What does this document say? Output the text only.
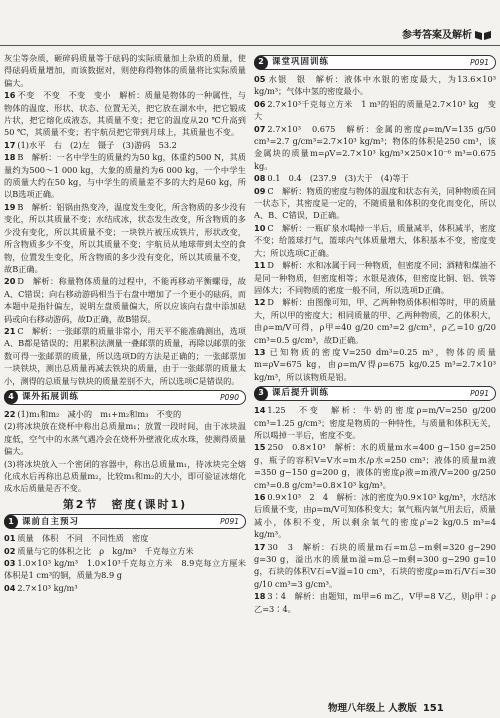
参考答案及解析
灰尘等杂质，砸碎码质量等于砝码的实际质量加上杂质的质量，使得砝码质量增加，而该数据对，则使称得物体的质量将比实际质量偏大。
16 不变　不变　不变　变小　解析：质量是物体的一种属性，与物体的温度、形状、状态、位置无关，把它放在湖水中，把它锻成片状，把它熔化成液态，其质量不变；把它的温度从20 ℃升高到50 ℃，其质量不变；若宇航员把它带到月球上，其质量也不变。
17 (1)水平　右　(2)左　镊子　(3)游码　53.2
18 B　解析：一名中学生的质量约为50 kg，体重约500 N，其质量约为500～1 000 kg，大象的质量约为6 000 kg，一个中学生的质量大约在50 kg，与中学生的质量差不多的大约是60 kg，所以B选项正确。
19 B　解析：铝锅由热变冷，温度发生变化，所含物质的多少没有变化，所以其质量不变；水结成冰，状态发生改变，所含物质的多少没有变化，所以其质量不变；一块铁片被压成铁片，形状改变，所含物质多少不变，所以其质量不变；宇航员从地球带到太空的食物，位置发生变化，所含物质的多少没有变化，所以其质量不变，故B正确。
20 D　解析：称量物体质量的过程中，不能再移动平衡螺母，故A、C错误；向右移动游码相当于右盘中增加了一个更小的砝码，而本题中是指针偏左，说明左盘质量偏大，所以应该向右盘中添加砝码或向右移动游码，故D正确，故B错误。
21 C　解析：一张邮票的质量非常小，用天平不能准确测出，选项A、B都是错误的；用累积法测量一叠邮票的质量，再除以邮票的张数可得一张邮票的质量，所以选项D的方法是正确的；一张邮票加一块铁块，测出总质量再减去铁块的质量，由于一张邮票的质量太小，测得的总质量与铁块的质量差别不大，所以选项C是错误的。
4 课外拓展训练	P090
22 (1)m₁和m₂　减小的　m₁+m₂和m₃　不变的
(2)将冰块放在烧杯中称出总质量m₁；放置一段时间，由于冰块温度低，空气中的水蒸气遇冷会在烧杯外壁液化成水珠，使测得质量偏大。
(3)将冰块放入一个密闭的容器中，称出总质量m₁，待冰块完全熔化成水后再称出总质量m₂，比较m₁和m₂的大小，即可验证冰熔化成水后质量是否不变。
第2节　密度(课时1)
1 课前自主预习	P091
01 质量　体积　不同　不同性质　密度
02 质量与它的体积之比　ρ　kg/m³　千克每立方米
03 1.0×10³ kg/m³　1.0×10³千克每立方米　8.9克每立方厘米　体积是1 cm³的铜，质量为8.9 g
04 2.7×10³ kg/m³
2 课堂巩固训练	P091
05 水银　银　解析：液体中水银的密度最大，为13.6×10³ kg/m³；气体中氢的密度最小。
06 2.7×10³千克每立方米　1 m³的铝的质量是2.7×10³ kg　变大
07 2.7×10³　0.675　解析：金属的密度ρ=m/V=135 g/50 cm³=2.7 g/cm³=2.7×10³ kg/m³；物体的体积是250 cm³，该金属块的质量m=ρV=2.7×10³ kg/m³×250×10⁻⁶ m³=0.675 kg。
08 0.1　0.4　(237.9　(3)大于　(4)等于
09 C　解析：物质的密度与物体的温度和状态有关，同种物质在同一状态下，其密度是一定的，不随质量和体积的变化而变化，所以A、B、C错误，D正确。
10 C　解析：一瓶矿泉水喝掉一半后，质量减半，体积减半，密度不变；给篮球打气，篮球内气体质量增大，体积基本不变，密度变大；所以选项C正确。
11 D　解析：水和冰属于同一种物质，但密度不同；酒精和煤油不是同一种物质，但密度相等；水银是液体，但密度比铜、铝、铁等固体大；不同物质的密度一般不同，所以选项D正确。
12 D　解析：由图像可知，甲、乙两种物质体积相等时，甲的质量大，所以甲的密度大；相同质量的甲、乙两种物质，乙的体积大，由ρ=m/V可得，ρ甲=40 g/20 cm³=2 g/cm³，ρ乙=10 g/20 cm³=0.5 g/cm³，故D正确。
13 已知物质的密度V=250 dm³=0.25 m³，物体的质量m=ρV=675 kg，由ρ=m/V得ρ=675 kg/0.25 m³=2.7×10³ kg/m³，所以该物质是铝。
3 课后提升训练	P091
14 1.25　不变　解析：牛奶的密度ρ=m/V=250 g/200 cm³=1.25 g/cm³；密度是物质的一种特性，与质量和体积无关，所以喝掉一半后，密度不变。
15 250　0.8×10³　解析：水的质量m水=400 g−150 g=250 g，瓶子的容积V=V水=m水/ρ水=250 cm³；液体的质量m液=350 g−150 g=200 g，液体的密度ρ液=m液/V=200 g/250 cm³=0.8 g/cm³=0.8×10³ kg/m³。
16 0.9×10³　2　4　解析：冰的密度为0.9×10³ kg/m³，水结冰后质量不变，由ρ=m/V可知体积变大；氧气瓶内氧气用去后，质量减小，体积不变，所以剩余氧气的密度ρ′=2 kg/0.5 m³=4 kg/m³。
17 30　3　解析：石块的质量m石=m总−m剩=320 g−290 g=30 g，溢出水的质量m溢=m总−m剩=300 g−290 g=10 g，石块的体积V石=V溢=10 cm³，石块的密度ρ=m石/V石=30 g/10 cm³=3 g/cm³。
18 3∶4　解析：由题知，m甲=6 m乙，V甲=8 V乙，则ρ甲∶ρ乙=3∶4。
物理八年级上 人教版 151
